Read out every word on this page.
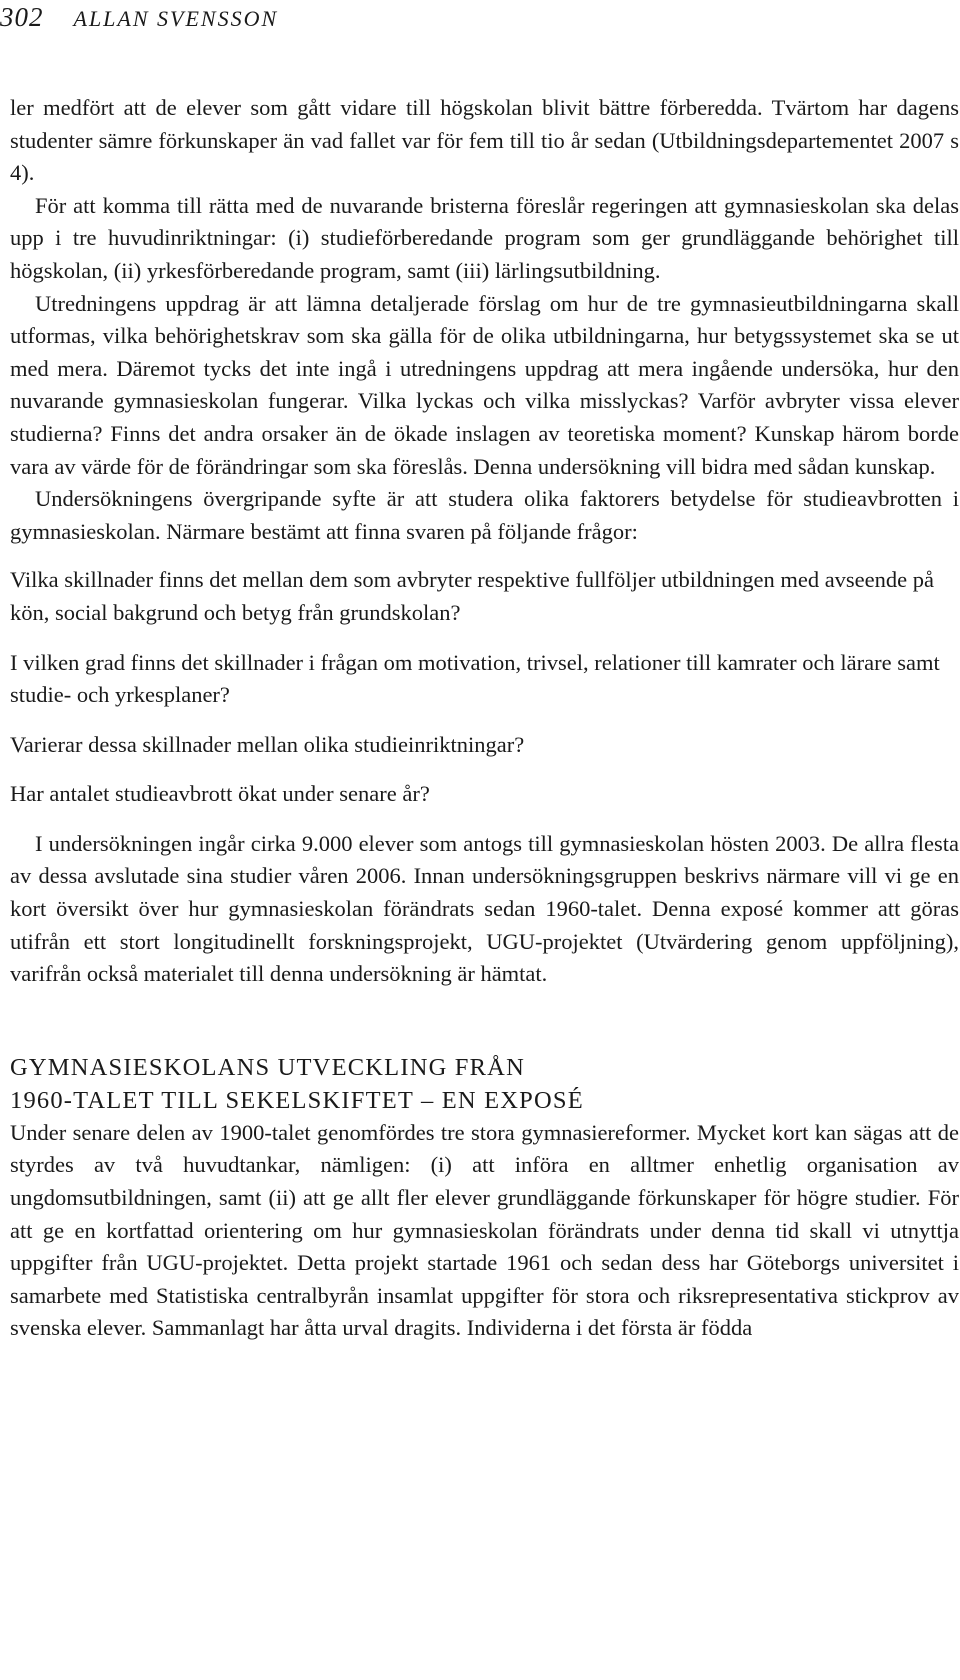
302 ALLAN SVENSSON

ler medfört att de elever som gått vidare till högskolan blivit bättre förberedda. Tvärtom har dagens studenter sämre förkunskaper än vad fallet var för fem till tio år sedan (Utbildningsdepartementet 2007 s 4).

För att komma till rätta med de nuvarande bristerna föreslår regeringen att gymnasieskolan ska delas upp i tre huvudinriktningar: (i) studieförberedande program som ger grundläggande behörighet till högskolan, (ii) yrkesförberedande program, samt (iii) lärlingsutbildning.

Utredningens uppdrag är att lämna detaljerade förslag om hur de tre gymnasieutbildningarna skall utformas, vilka behörighetskrav som ska gälla för de olika utbildningarna, hur betygssystemet ska se ut med mera. Däremot tycks det inte ingå i utredningens uppdrag att mera ingående undersöka, hur den nuvarande gymnasieskolan fungerar. Vilka lyckas och vilka misslyckas? Varför avbryter vissa elever studierna? Finns det andra orsaker än de ökade inslagen av teoretiska moment? Kunskap härom borde vara av värde för de förändringar som ska föreslås. Denna undersökning vill bidra med sådan kunskap.

Undersökningens övergripande syfte är att studera olika faktorers betydelse för studieavbrotten i gymnasieskolan. Närmare bestämt att finna svaren på följande frågor:

Vilka skillnader finns det mellan dem som avbryter respektive fullföljer utbildningen med avseende på kön, social bakgrund och betyg från grundskolan?

I vilken grad finns det skillnader i frågan om motivation, trivsel, relationer till kamrater och lärare samt studie- och yrkesplaner?

Varierar dessa skillnader mellan olika studieinriktningar?

Har antalet studieavbrott ökat under senare år?

I undersökningen ingår cirka 9.000 elever som antogs till gymnasieskolan hösten 2003. De allra flesta av dessa avslutade sina studier våren 2006. Innan undersökningsgruppen beskrivs närmare vill vi ge en kort översikt över hur gymnasieskolan förändrats sedan 1960-talet. Denna exposé kommer att göras utifrån ett stort longitudinellt forskningsprojekt, UGU-projektet (Utvärdering genom uppföljning), varifrån också materialet till denna undersökning är hämtat.

GYMNASIESKOLANS UTVECKLING FRÅN
1960-TALET TILL SEKELSKIFTET – EN EXPOSÉ

Under senare delen av 1900-talet genomfördes tre stora gymnasiereformer. Mycket kort kan sägas att de styrdes av två huvudtankar, nämligen: (i) att införa en alltmer enhetlig organisation av ungdomsutbildningen, samt (ii) att ge allt fler elever grundläggande förkunskaper för högre studier. För att ge en kortfattad orientering om hur gymnasieskolan förändrats under denna tid skall vi utnyttja uppgifter från UGU-projektet. Detta projekt startade 1961 och sedan dess har Göteborgs universitet i samarbete med Statistiska centralbyrån insamlat uppgifter för stora och riksrepresentativa stickprov av svenska elever. Sammanlagt har åtta urval dragits. Individerna i det första är födda
